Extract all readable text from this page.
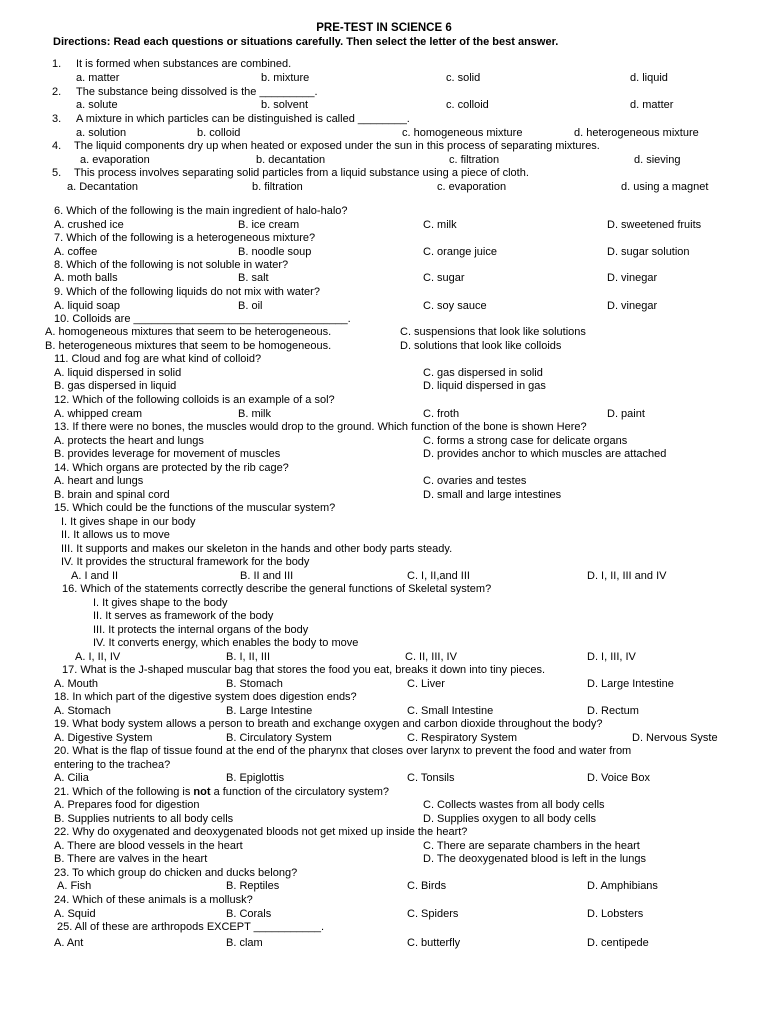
PRE-TEST IN SCIENCE 6
Directions: Read each questions or situations carefully. Then select the letter of the best answer.
1. It is formed when substances are combined.
a. matter	b. mixture	c. solid	d. liquid
2. The substance being dissolved is the _________.
a. solute	b. solvent	c. colloid	d. matter
3. A mixture in which particles can be distinguished is called ________.
a. solution	b. colloid	c. homogeneous mixture	d. heterogeneous mixture
4. The liquid components dry up when heated or exposed under the sun in this process of separating mixtures.
a. evaporation	b. decantation	c. filtration	d. sieving
5. This process involves separating solid particles from a liquid substance using a piece of cloth.
a. Decantation	b. filtration	c. evaporation	d. using a magnet
6. Which of the following is the main ingredient of halo-halo?
A. crushed ice	B. ice cream	C. milk	D. sweetened fruits
7. Which of the following is a heterogeneous mixture?
A. coffee	B. noodle soup	C. orange juice	D. sugar solution
8. Which of the following is not soluble in water?
A. moth balls	B. salt	C. sugar	D. vinegar
9. Which of the following liquids do not mix with water?
A. liquid soap	B. oil	C. soy sauce	D. vinegar
10. Colloids are ___________________________________.
A. homogeneous mixtures that seem to be heterogeneous.	C. suspensions that look like solutions
B. heterogeneous mixtures that seem to be homogeneous.	D. solutions that look like colloids
11. Cloud and fog are what kind of colloid?
A. liquid dispersed in solid	C. gas dispersed in solid
B. gas dispersed in liquid	D. liquid dispersed in gas
12. Which of the following colloids is an example of a sol?
A. whipped cream	B. milk	C. froth	D. paint
13. If there were no bones, the muscles would drop to the ground. Which function of the bone is shown Here?
A. protects the heart and lungs	C. forms a strong case for delicate organs
B. provides leverage for movement of muscles	D. provides anchor to which muscles are attached
14. Which organs are protected by the rib cage?
A. heart and lungs	C. ovaries and testes
B. brain and spinal cord	D. small and large intestines
15. Which could be the functions of the muscular system?
I. It gives shape in our body
II. It allows us to move
III. It supports and makes our skeleton in the hands and other body parts steady.
IV. It provides the structural framework for the body
A. I and II	B. II and III	C. I, II,and III	D. I, II, III and IV
16. Which of the statements correctly describe the general functions of Skeletal system?
I. It gives shape to the body
II. It serves as framework of the body
III. It protects the internal organs of the body
IV. It converts energy, which enables the body to move
A. I, II, IV	B. I, II, III	C. II, III, IV	D. I, III, IV
17. What is the J-shaped muscular bag that stores the food you eat, breaks it down into tiny pieces.
A. Mouth	B. Stomach	C. Liver	D. Large Intestine
18. In which part of the digestive system does digestion ends?
A. Stomach	B. Large Intestine	C. Small Intestine	D. Rectum
19. What body system allows a person to breath and exchange oxygen and carbon dioxide throughout the body?
A. Digestive System	B. Circulatory System	C. Respiratory System	D. Nervous Syste
20. What is the flap of tissue found at the end of the pharynx that closes over larynx to prevent the food and water from
entering to the trachea?
A. Cilia	B. Epiglottis	C. Tonsils	D. Voice Box
21. Which of the following is not a function of the circulatory system?
A. Prepares food for digestion	C. Collects wastes from all body cells
B. Supplies nutrients to all body cells	D. Supplies oxygen to all body cells
22. Why do oxygenated and deoxygenated bloods not get mixed up inside the heart?
A. There are blood vessels in the heart	C. There are separate chambers in the heart
B. There are valves in the heart	D. The deoxygenated blood is left in the lungs
23. To which group do chicken and ducks belong?
A. Fish	B. Reptiles	C. Birds	D. Amphibians
24. Which of these animals is a mollusk?
A. Squid	B. Corals	C. Spiders	D. Lobsters
25. All of these are arthropods EXCEPT ___________.
A. Ant	B. clam	C. butterfly	D. centipede
